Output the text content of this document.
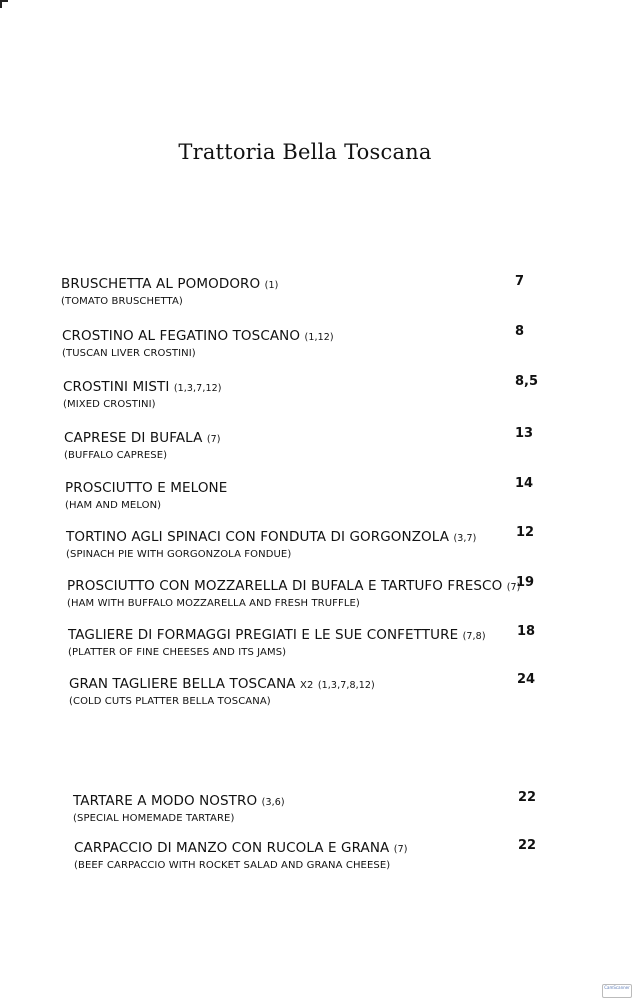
Trattoria Bella Toscana
BRUSCHETTA AL POMODORO (1)
(TOMATO BRUSCHETTA)
7
CROSTINO AL FEGATINO TOSCANO (1,12)
(TUSCAN LIVER CROSTINI)
8
CROSTINI MISTI (1,3,7,12)
(MIXED CROSTINI)
8,5
CAPRESE DI BUFALA (7)
(BUFFALO CAPRESE)
13
PROSCIUTTO E MELONE
(HAM AND MELON)
14
TORTINO AGLI SPINACI CON FONDUTA DI GORGONZOLA (3,7)
(SPINACH PIE WITH GORGONZOLA FONDUE)
12
PROSCIUTTO CON MOZZARELLA DI BUFALA E TARTUFO FRESCO (7)
(HAM WITH BUFFALO MOZZARELLA AND FRESH TRUFFLE)
19
TAGLIERE DI FORMAGGI PREGIATI E LE SUE CONFETTURE (7,8)
(PLATTER OF FINE CHEESES AND ITS JAMS)
18
GRAN TAGLIERE BELLA TOSCANA X2 (1,3,7,8,12)
(COLD CUTS PLATTER BELLA TOSCANA)
24
TARTARE A MODO NOSTRO (3,6)
(SPECIAL HOMEMADE TARTARE)
22
CARPACCIO DI MANZO CON RUCOLA E GRANA (7)
(BEEF CARPACCIO WITH ROCKET SALAD AND GRANA CHEESE)
22
CamScanner
